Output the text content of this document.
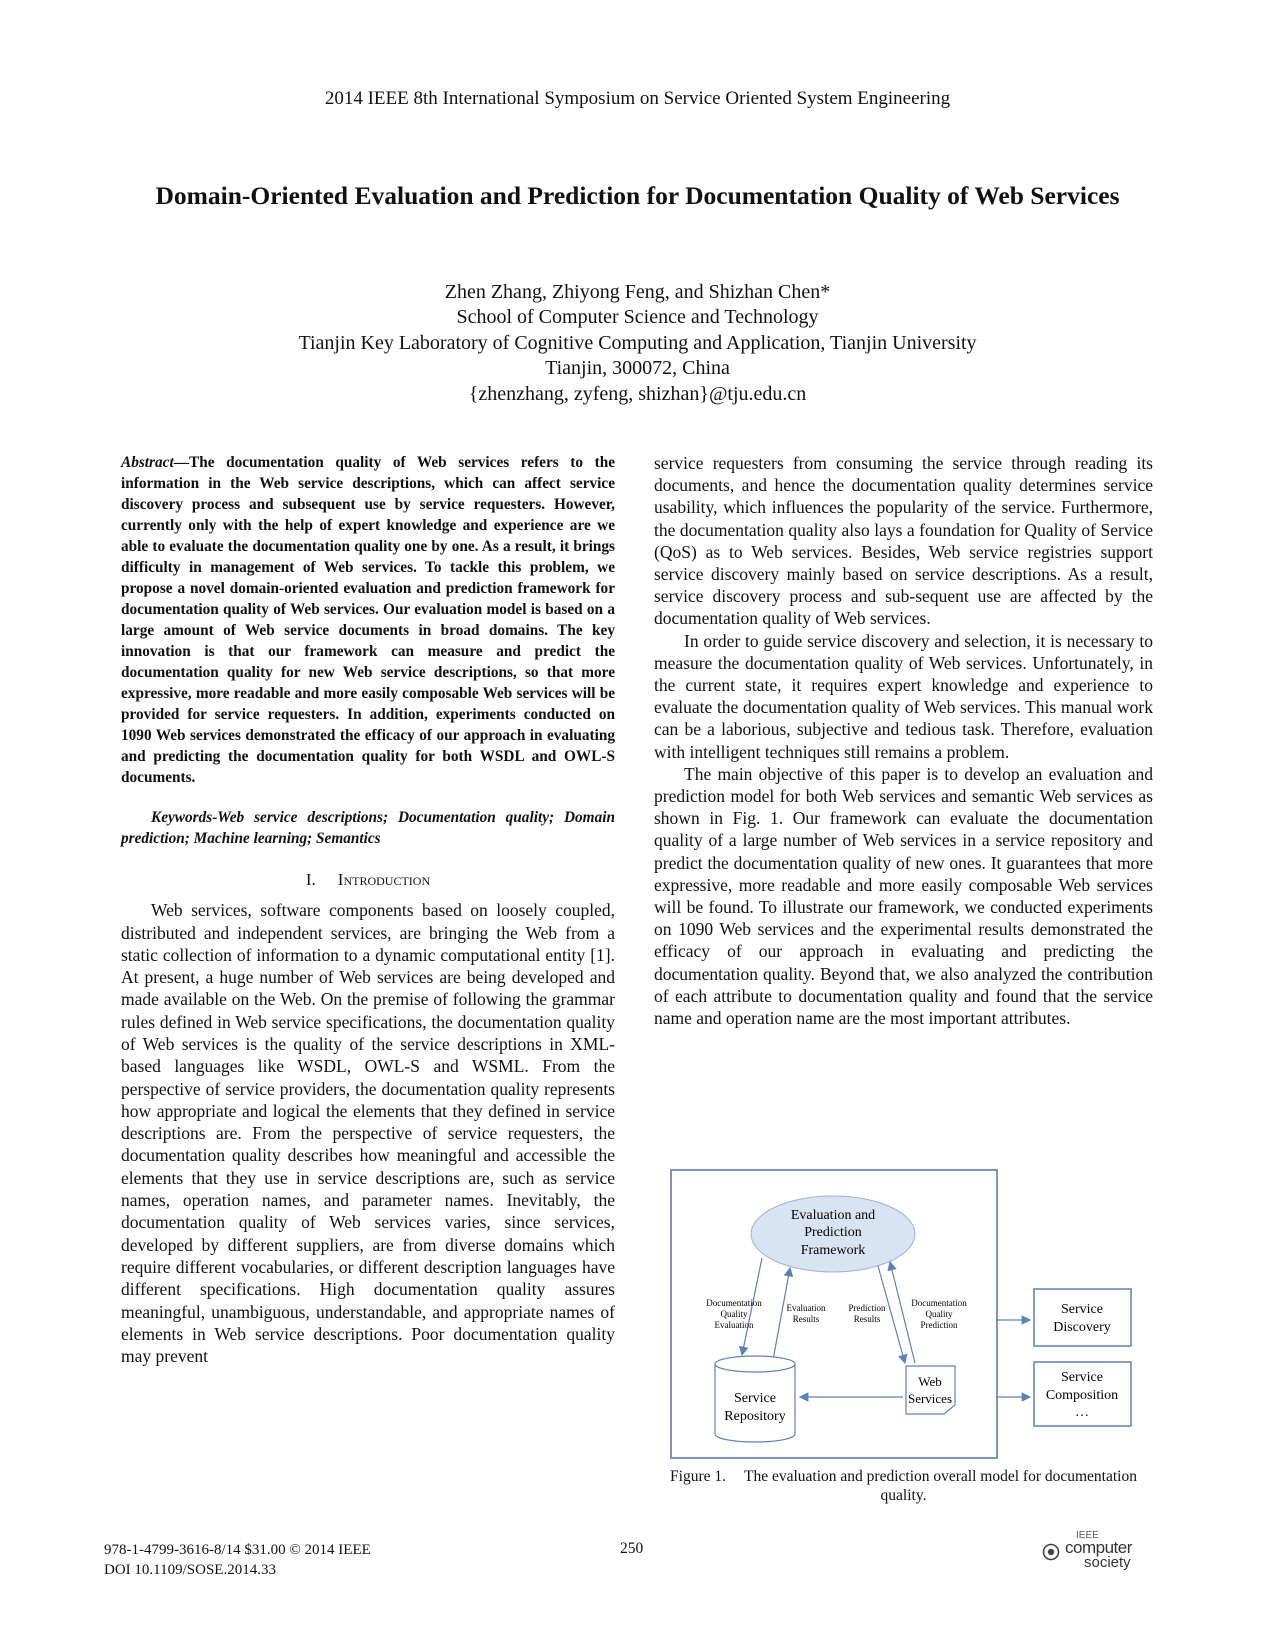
2014 IEEE 8th International Symposium on Service Oriented System Engineering
Domain-Oriented Evaluation and Prediction for Documentation Quality of Web Services
Zhen Zhang, Zhiyong Feng, and Shizhan Chen*
School of Computer Science and Technology
Tianjin Key Laboratory of Cognitive Computing and Application, Tianjin University
Tianjin, 300072, China
{zhenzhang, zyfeng, shizhan}@tju.edu.cn

Abstract—The documentation quality of Web services refers to the information in the Web service descriptions, which can affect service discovery process and subsequent use by service requesters. However, currently only with the help of expert knowledge and experience are we able to evaluate the documentation quality one by one. As a result, it brings difficulty in management of Web services. To tackle this problem, we propose a novel domain-oriented evaluation and prediction framework for documentation quality of Web services. Our evaluation model is based on a large amount of Web service documents in broad domains. The key innovation is that our framework can measure and predict the documentation quality for new Web service descriptions, so that more expressive, more readable and more easily composable Web services will be provided for service requesters. In addition, experiments conducted on 1090 Web services demonstrated the efficacy of our approach in evaluating and predicting the documentation quality for both WSDL and OWL-S documents.

Keywords-Web service descriptions; Documentation quality; Domain prediction; Machine learning; Semantics

I. Introduction

Web services, software components based on loosely coupled, distributed and independent services, are bringing the Web from a static collection of information to a dynamic computational entity [1]. At present, a huge number of Web services are being developed and made available on the Web. On the premise of following the grammar rules defined in Web service specifications, the documentation quality of Web services is the quality of the service descriptions in XML-based languages like WSDL, OWL-S and WSML. From the perspective of service providers, the documentation quality represents how appropriate and logical the elements that they defined in service descriptions are. From the perspective of service requesters, the documentation quality describes how meaningful and accessible the elements that they use in service descriptions are, such as service names, operation names, and parameter names. Inevitably, the documentation quality of Web services varies, since services, developed by different suppliers, are from diverse domains which require different vocabularies, or different description languages have different specifications. High documentation quality assures meaningful, unambiguous, understandable, and appropriate names of elements in Web service descriptions. Poor documentation quality may prevent

service requesters from consuming the service through reading its documents, and hence the documentation quality determines service usability, which influences the popularity of the service. Furthermore, the documentation quality also lays a foundation for Quality of Service (QoS) as to Web services. Besides, Web service registries support service discovery mainly based on service descriptions. As a result, service discovery process and sub-sequent use are affected by the documentation quality of Web services.

In order to guide service discovery and selection, it is necessary to measure the documentation quality of Web services. Unfortunately, in the current state, it requires expert knowledge and experience to evaluate the documentation quality of Web services. This manual work can be a laborious, subjective and tedious task. Therefore, evaluation with intelligent techniques still remains a problem.

The main objective of this paper is to develop an evaluation and prediction model for both Web services and semantic Web services as shown in Fig. 1. Our framework can evaluate the documentation quality of a large number of Web services in a service repository and predict the documentation quality of new ones. It guarantees that more expressive, more readable and more easily composable Web services will be found. To illustrate our framework, we conducted experiments on 1090 Web services and the experimental results demonstrated the efficacy of our approach in evaluating and predicting the documentation quality. Beyond that, we also analyzed the contribution of each attribute to documentation quality and found that the service name and operation name are the most important attributes.

Evaluation and
Prediction
Framework
Documentation
Quality
Evaluation
Evaluation
Results
Prediction
Results
Documentation
Quality
Prediction
Service
Repository
Web
Services
Service
Discovery
Service
Composition
…
Figure 1. The evaluation and prediction overall model for documentation quality.
978-1-4799-3616-8/14 $31.00 © 2014 IEEE
DOI 10.1109/SOSE.2014.33
250
IEEE
computer
society
